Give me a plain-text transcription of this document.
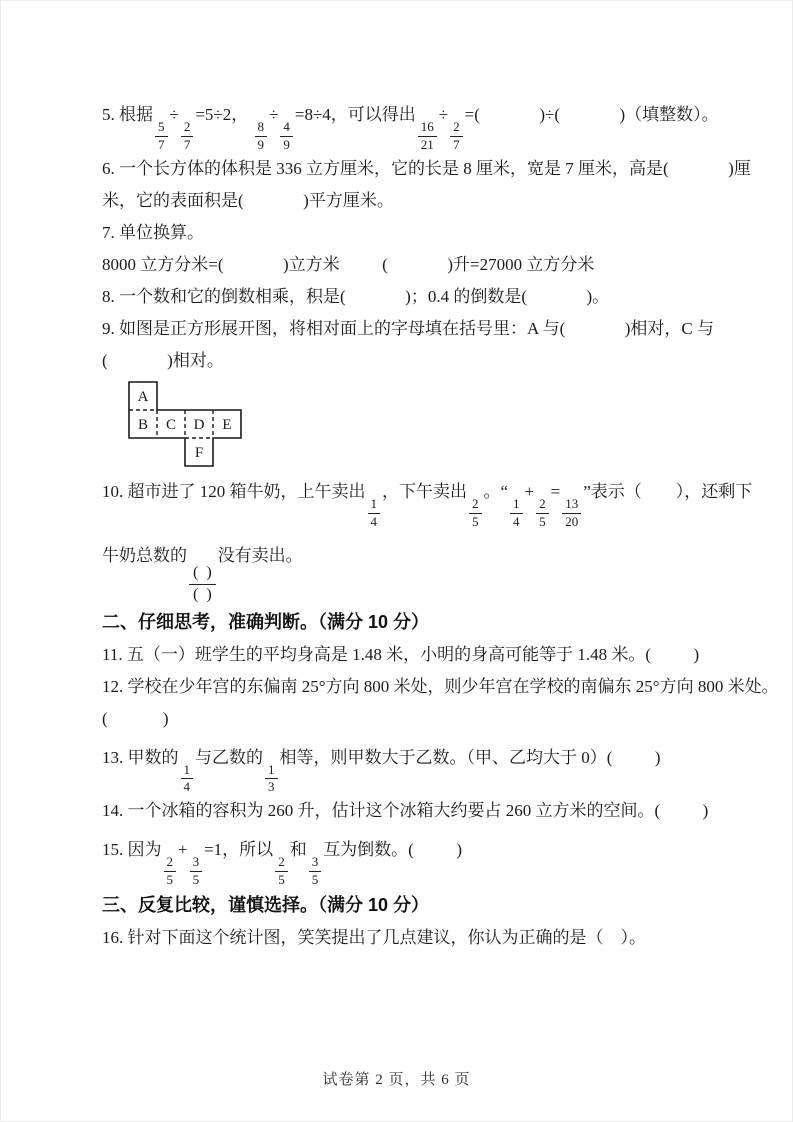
5. 根据
$\frac{5}{7}$
÷
$\frac{2}{7}$
=5÷2，
$\frac{8}{9}$
÷
$\frac{4}{9}$
=8÷4，可以得出
$\frac{16}{21}$
÷
$\frac{2}{7}$
=(              )÷(              )（填整数）。

6. 一个长方体的体积是 336 立方厘米，它的长是 8 厘米，宽是 7 厘米，高是(              )厘

米，它的表面积是(              )平方厘米。

7. 单位换算。

8000 立方分米=(              )立方米          (              )升=27000 立方分米

8. 一个数和它的倒数相乘，积是(              )；0.4 的倒数是(              )。

9. 如图是正方形展开图，将相对面上的字母填在括号里：A 与(              )相对，C 与

(              )相对。

A
B C D E
F

10. 超市进了 120 箱牛奶，上午卖出
$\frac{1}{4}$
，下午卖出
$\frac{2}{5}$
。“
$\frac{1}{4}$
+
$\frac{2}{5}$
=
$\frac{13}{20}$
”表示（        ），还剩下

牛奶总数的
$\frac{( )}{( )}$
没有卖出。

二、仔细思考，准确判断。（满分 10 分）

11. 五（一）班学生的平均身高是 1.48 米，小明的身高可能等于 1.48 米。(          )

12. 学校在少年宫的东偏南 25°方向 800 米处，则少年宫在学校的南偏东 25°方向 800 米处。

(             )

13. 甲数的
$\frac{1}{4}$
与乙数的
$\frac{1}{3}$
相等，则甲数大于乙数。（甲、乙均大于 0）(          )

14. 一个冰箱的容积为 260 升，估计这个冰箱大约要占 260 立方米的空间。(          )

15. 因为
$\frac{2}{5}$
+
$\frac{3}{5}$
=1，所以
$\frac{2}{5}$
和
$\frac{3}{5}$
互为倒数。(          )

三、反复比较，谨慎选择。（满分 10 分）

16. 针对下面这个统计图，笑笑提出了几点建议，你认为正确的是（    ）。

试卷第 2 页，共 6 页
